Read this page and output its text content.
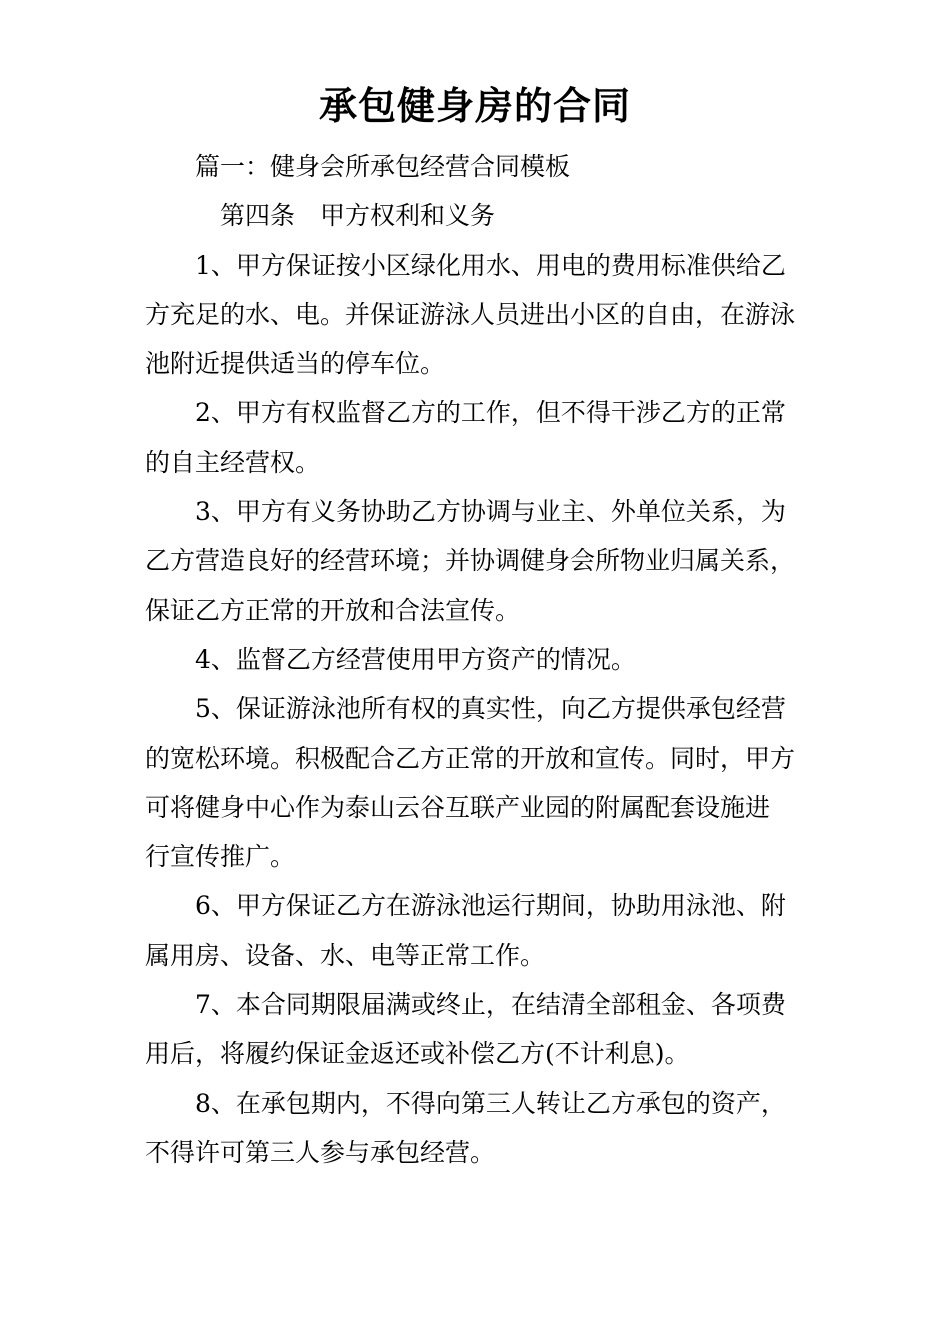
承包健身房的合同
篇一：健身会所承包经营合同模板
第四条　甲方权利和义务
1、甲方保证按小区绿化用水、用电的费用标准供给乙
方充足的水、电。并保证游泳人员进出小区的自由，在游泳
池附近提供适当的停车位。
2、甲方有权监督乙方的工作，但不得干涉乙方的正常
的自主经营权。
3、甲方有义务协助乙方协调与业主、外单位关系，为
乙方营造良好的经营环境；并协调健身会所物业归属关系，
保证乙方正常的开放和合法宣传。
4、监督乙方经营使用甲方资产的情况。
5、保证游泳池所有权的真实性，向乙方提供承包经营
的宽松环境。积极配合乙方正常的开放和宣传。同时，甲方
可将健身中心作为泰山云谷互联产业园的附属配套设施进
行宣传推广。
6、甲方保证乙方在游泳池运行期间，协助用泳池、附
属用房、设备、水、电等正常工作。
7、本合同期限届满或终止，在结清全部租金、各项费
用后，将履约保证金返还或补偿乙方(不计利息)。
8、在承包期内，不得向第三人转让乙方承包的资产，
不得许可第三人参与承包经营。
